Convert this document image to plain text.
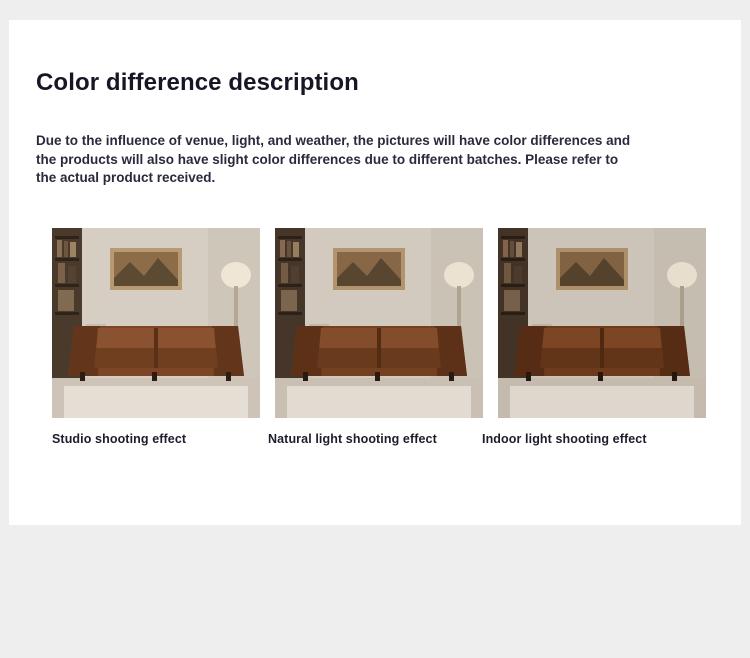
Color difference description
Due to the influence of venue, light, and weather, the pictures will have color differences and the products will also have slight color differences due to different batches. Please refer to the actual product received.
Studio shooting effect	Natural light shooting effect	Indoor light shooting effect
